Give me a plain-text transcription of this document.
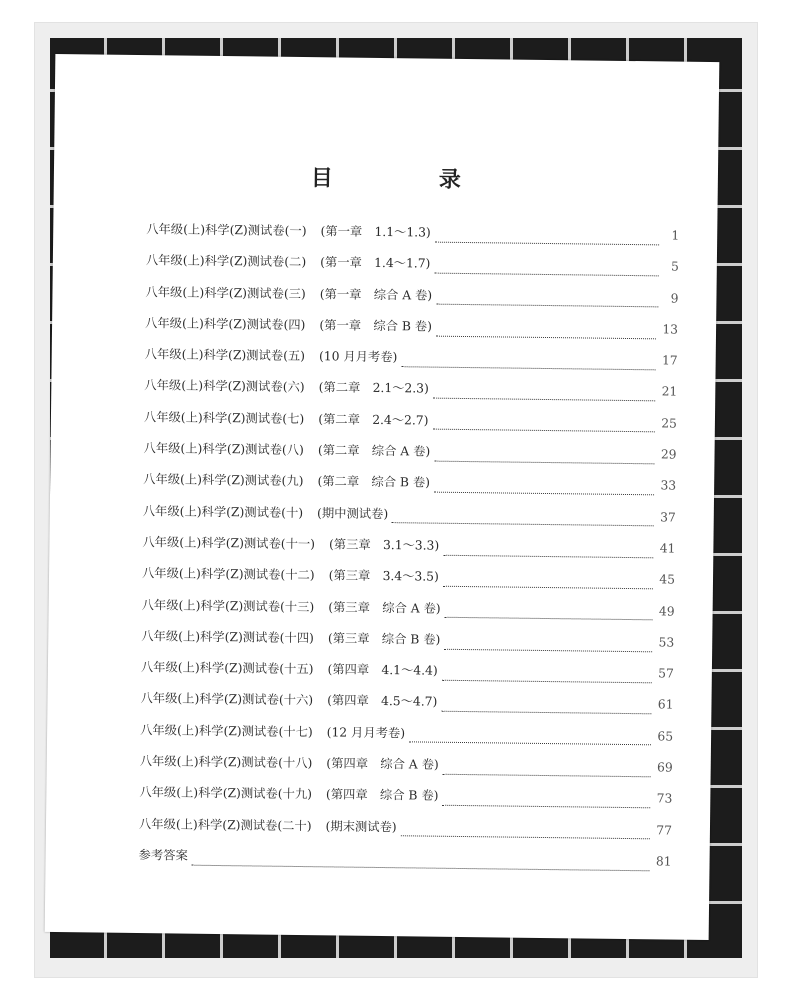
目　录
八年级(上)科学(Z)测试卷(一)	(第一章　1.1～1.3)	1
八年级(上)科学(Z)测试卷(二)	(第一章　1.4～1.7)	5
八年级(上)科学(Z)测试卷(三)	(第一章　综合 A 卷)	9
八年级(上)科学(Z)测试卷(四)	(第一章　综合 B 卷)	13
八年级(上)科学(Z)测试卷(五)	(10 月月考卷)	17
八年级(上)科学(Z)测试卷(六)	(第二章　2.1～2.3)	21
八年级(上)科学(Z)测试卷(七)	(第二章　2.4～2.7)	25
八年级(上)科学(Z)测试卷(八)	(第二章　综合 A 卷)	29
八年级(上)科学(Z)测试卷(九)	(第二章　综合 B 卷)	33
八年级(上)科学(Z)测试卷(十)	(期中测试卷)	37
八年级(上)科学(Z)测试卷(十一)	(第三章　3.1～3.3)	41
八年级(上)科学(Z)测试卷(十二)	(第三章　3.4～3.5)	45
八年级(上)科学(Z)测试卷(十三)	(第三章　综合 A 卷)	49
八年级(上)科学(Z)测试卷(十四)	(第三章　综合 B 卷)	53
八年级(上)科学(Z)测试卷(十五)	(第四章　4.1～4.4)	57
八年级(上)科学(Z)测试卷(十六)	(第四章　4.5～4.7)	61
八年级(上)科学(Z)测试卷(十七)	(12 月月考卷)	65
八年级(上)科学(Z)测试卷(十八)	(第四章　综合 A 卷)	69
八年级(上)科学(Z)测试卷(十九)	(第四章　综合 B 卷)	73
八年级(上)科学(Z)测试卷(二十)	(期末测试卷)	77
参考答案	81
